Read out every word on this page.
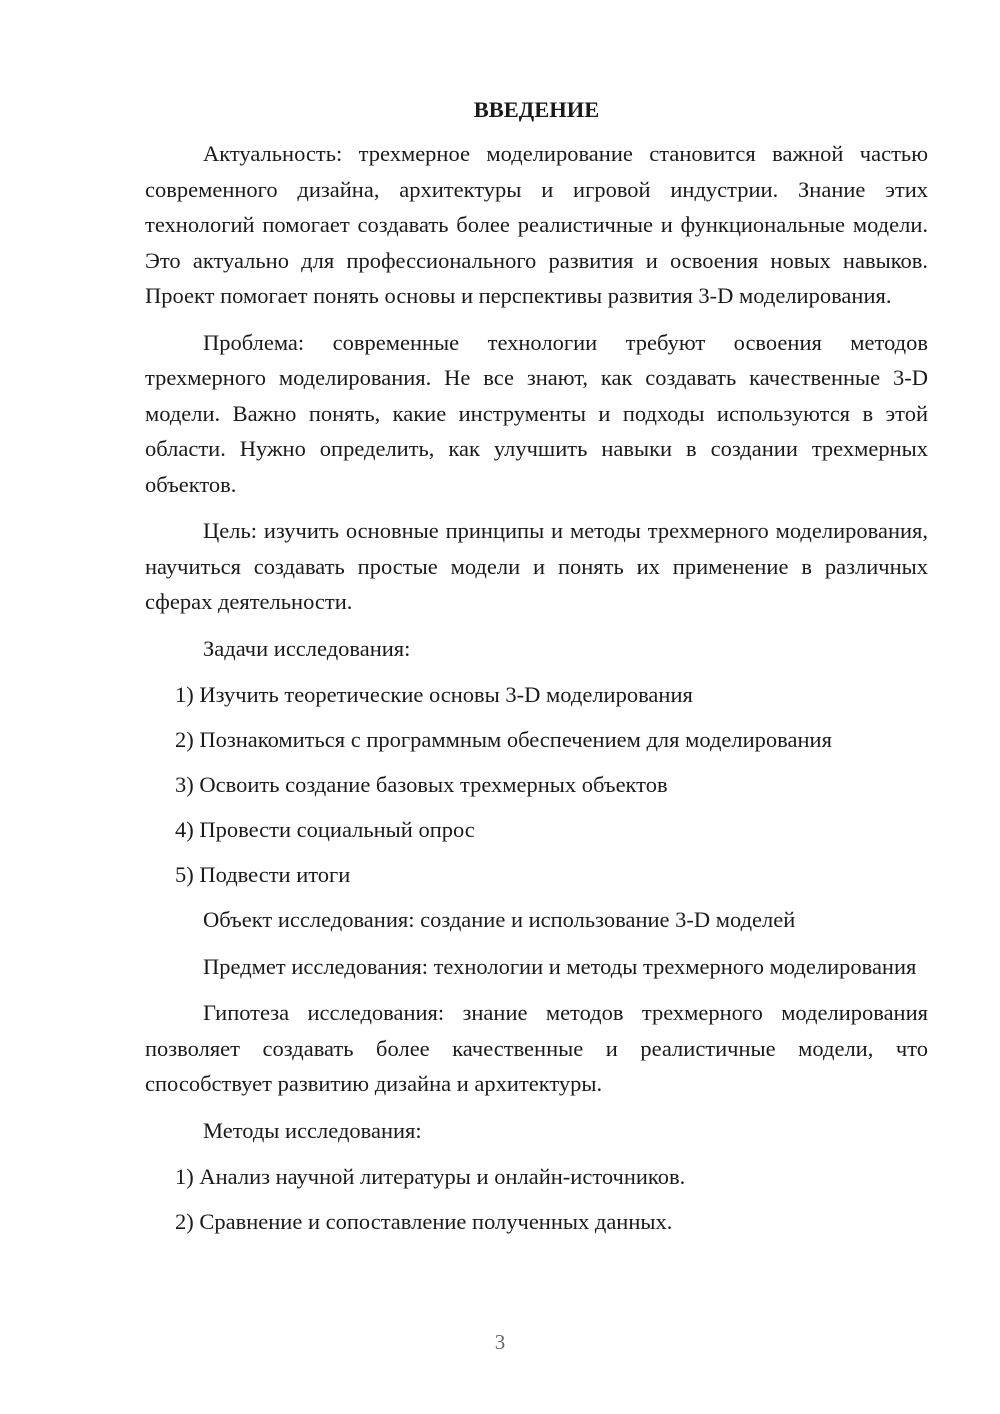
ВВЕДЕНИЕ

Актуальность: трехмерное моделирование становится важной частью современного дизайна, архитектуры и игровой индустрии. Знание этих технологий помогает создавать более реалистичные и функциональные модели. Это актуально для профессионального развития и освоения новых навыков. Проект помогает понять основы и перспективы развития 3-D моделирования.

Проблема: современные технологии требуют освоения методов трехмерного моделирования. Не все знают, как создавать качественные 3-D модели. Важно понять, какие инструменты и подходы используются в этой области. Нужно определить, как улучшить навыки в создании трехмерных объектов.

Цель: изучить основные принципы и методы трехмерного моделирования, научиться создавать простые модели и понять их применение в различных сферах деятельности.

Задачи исследования:

1) Изучить теоретические основы 3-D моделирования
2) Познакомиться с программным обеспечением для моделирования
3) Освоить создание базовых трехмерных объектов
4) Провести социальный опрос
5) Подвести итоги

Объект исследования: создание и использование 3-D моделей

Предмет исследования: технологии и методы трехмерного моделирования

Гипотеза исследования: знание методов трехмерного моделирования позволяет создавать более качественные и реалистичные модели, что способствует развитию дизайна и архитектуры.

Методы исследования:

1) Анализ научной литературы и онлайн-источников.
2) Сравнение и сопоставление полученных данных.
3
